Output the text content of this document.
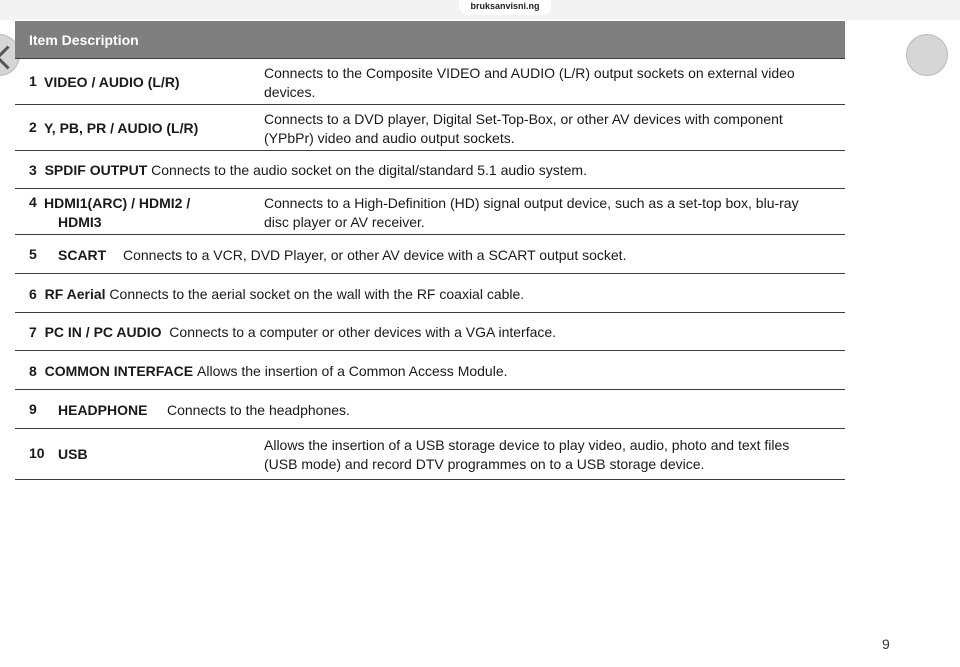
bruksanvisni.ng
Item Description
1 VIDEO / AUDIO (L/R)
Connects to the Composite VIDEO and AUDIO (L/R) output sockets on external video
devices.
2 Y, PB, PR / AUDIO (L/R)
Connects to a DVD player, Digital Set-Top-Box, or other AV devices with component
(YPbPr) video and audio output sockets.
3 SPDIF OUTPUT Connects to the audio socket on the digital/standard 5.1 audio system.
4 HDMI1(ARC) / HDMI2 /
HDMI3
Connects to a High-Definition (HD) signal output device, such as a set-top box, blu-ray
disc player or AV receiver.
5 SCART Connects to a VCR, DVD Player, or other AV device with a SCART output socket.
6 RF Aerial Connects to the aerial socket on the wall with the RF coaxial cable.
7 PC IN / PC AUDIO Connects to a computer or other devices with a VGA interface.
8 COMMON INTERFACE Allows the insertion of a Common Access Module.
9 HEADPHONE Connects to the headphones.
10 USB
Allows the insertion of a USB storage device to play video, audio, photo and text files
(USB mode) and record DTV programmes on to a USB storage device.
9
